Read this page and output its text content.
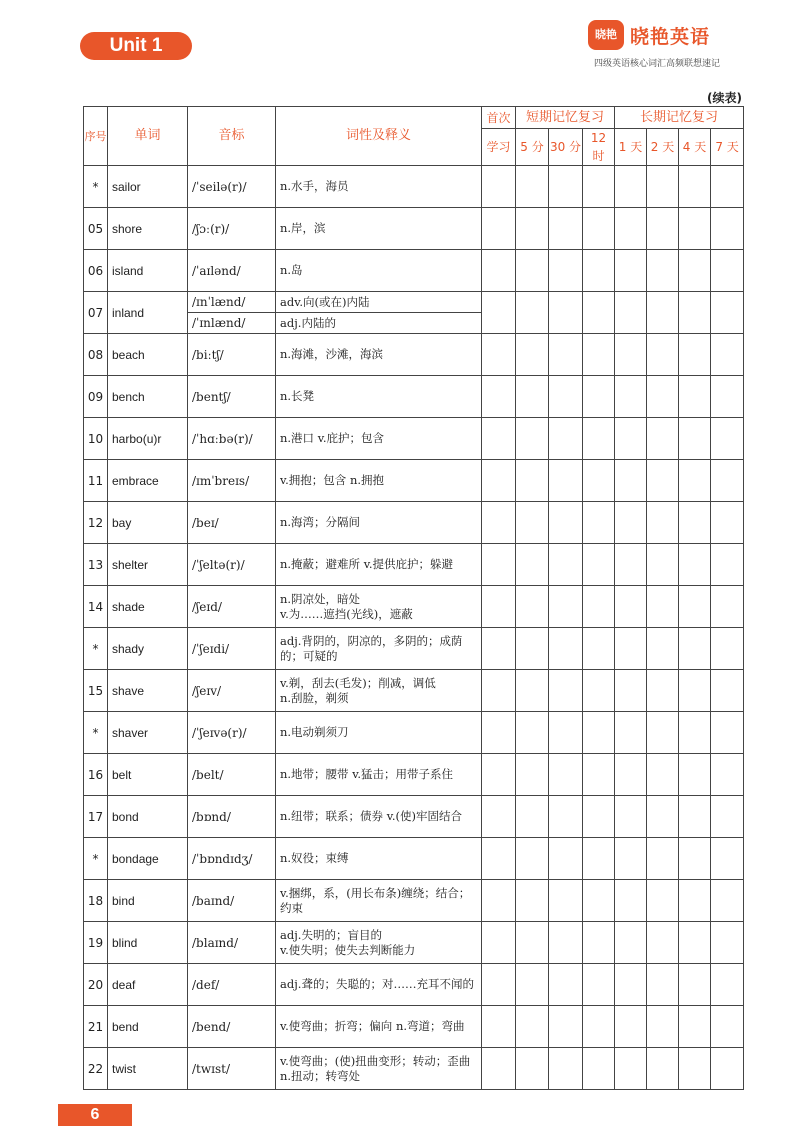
Unit 1
晓艳 晓艳英语
四级英语核心词汇高频联想速记
(续表)
序号	单词	音标	词性及释义	首次	短期记忆复习			长期记忆复习			
				学习	5 分	30 分	12 时	1 天	2 天	4 天	7 天
*	sailor	/ˈseilə(r)/	n.水手，海员								
05	shore	/ʃɔː(r)/	n.岸，滨								
06	island	/ˈaɪlənd/	n.岛								
07	inland	/ɪnˈlænd/	adv.向(或在)内陆								
		/ˈɪnlænd/	adj.内陆的								
08	beach	/biːtʃ/	n.海滩，沙滩，海滨								
09	bench	/bentʃ/	n.长凳								
10	harbo(u)r	/ˈhɑːbə(r)/	n.港口 v.庇护；包含								
11	embrace	/ɪmˈbreɪs/	v.拥抱；包含 n.拥抱								
12	bay	/beɪ/	n.海湾；分隔间								
13	shelter	/ˈʃeltə(r)/	n.掩蔽；避难所 v.提供庇护；躲避								
14	shade	/ʃeɪd/	n.阴凉处，暗处
v.为……遮挡(光线)，遮蔽								
*	shady	/ˈʃeɪdi/	adj.背阴的，阴凉的，多阴的；成荫的；可疑的								
15	shave	/ʃeɪv/	v.剃，刮去(毛发)；削减，调低
n.刮脸，剃须								
*	shaver	/ˈʃeɪvə(r)/	n.电动剃须刀								
16	belt	/belt/	n.地带；腰带 v.猛击；用带子系住								
17	bond	/bɒnd/	n.纽带；联系；债券 v.(使)牢固结合								
*	bondage	/ˈbɒndɪdʒ/	n.奴役；束缚								
18	bind	/baɪnd/	v.捆绑，系，(用长布条)缠绕；结合；约束								
19	blind	/blaɪnd/	adj.失明的；盲目的
v.使失明；使失去判断能力								
20	deaf	/def/	adj.聋的；失聪的；对……充耳不闻的								
21	bend	/bend/	v.使弯曲；折弯；偏向 n.弯道；弯曲								
22	twist	/twɪst/	v.使弯曲；(使)扭曲变形；转动；歪曲
n.扭动；转弯处								
6
